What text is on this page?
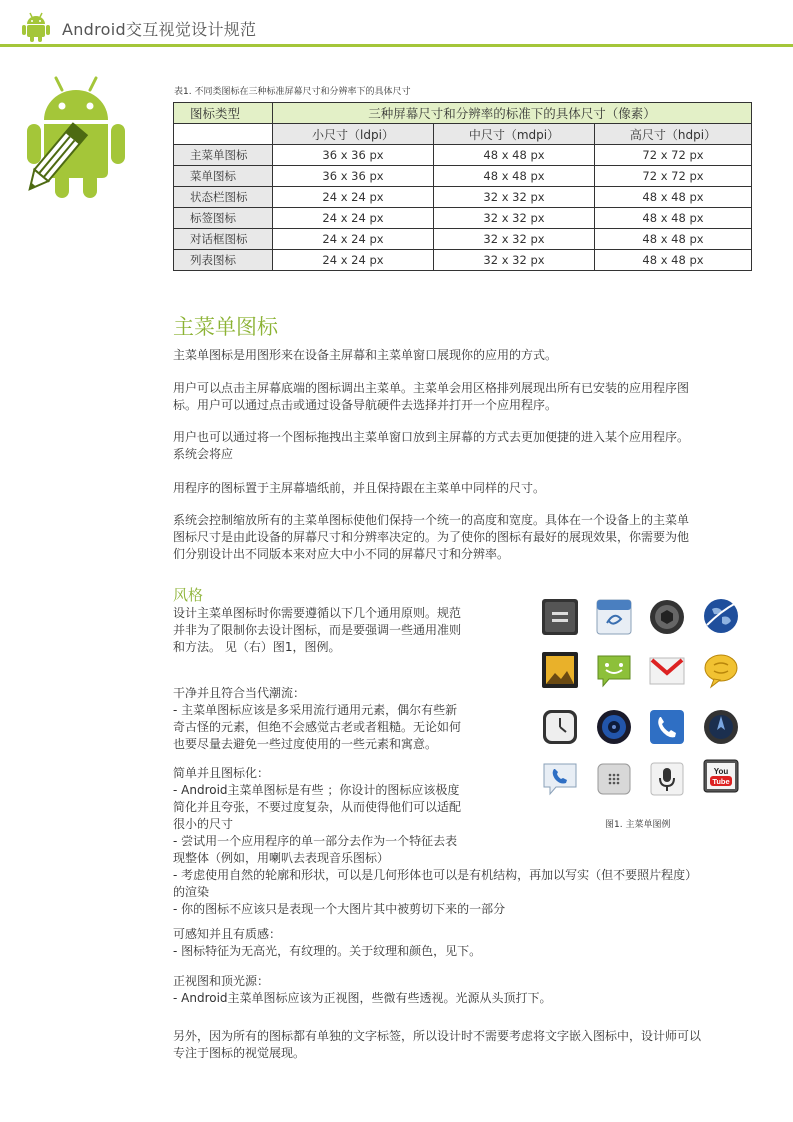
Android交互视觉设计规范
表1. 不同类图标在三种标准屏幕尺寸和分辨率下的具体尺寸
图标类型	三种屏幕尺寸和分辨率的标准下的具体尺寸（像素）		
	小尺寸（ldpi）	中尺寸（mdpi）	高尺寸（hdpi）
主菜单图标	36 x 36 px	48 x 48 px	72 x 72 px
菜单图标	36 x 36 px	48 x 48 px	72 x 72 px
状态栏图标	24 x 24 px	32 x 32 px	48 x 48 px
标签图标	24 x 24 px	32 x 32 px	48 x 48 px
对话框图标	24 x 24 px	32 x 32 px	48 x 48 px
列表图标	24 x 24 px	32 x 32 px	48 x 48 px
主菜单图标
主菜单图标是用图形来在设备主屏幕和主菜单窗口展现你的应用的方式。
用户可以点击主屏幕底端的图标调出主菜单。主菜单会用区格排列展现出所有已安装的应用程序图
标。用户可以通过点击或通过设备导航硬件去选择并打开一个应用程序。
用户也可以通过将一个图标拖拽出主菜单窗口放到主屏幕的方式去更加便捷的进入某个应用程序。
系统会将应
用程序的图标置于主屏幕墙纸前，并且保持跟在主菜单中同样的尺寸。
系统会控制缩放所有的主菜单图标使他们保持一个统一的高度和宽度。具体在一个设备上的主菜单
图标尺寸是由此设备的屏幕尺寸和分辨率决定的。为了使你的图标有最好的展现效果，你需要为他
们分别设计出不同版本来对应大中小不同的屏幕尺寸和分辨率。
风格
设计主菜单图标时你需要遵循以下几个通用原则。规范
并非为了限制你去设计图标，而是要强调一些通用准则
和方法。 见（右）图1，图例。
干净并且符合当代潮流：
- 主菜单图标应该是多采用流行通用元素，偶尔有些新
奇古怪的元素，但绝不会感觉古老或者粗糙。无论如何
也要尽量去避免一些过度使用的一些元素和寓意。
简单并且图标化：
- Android主菜单图标是有些 ；你设计的图标应该极度
简化并且夸张，不要过度复杂，从而使得他们可以适配
很小的尺寸
- 尝试用一个应用程序的单一部分去作为一个特征去表
现整体（例如，用喇叭去表现音乐图标）
- 考虑使用自然的轮廓和形状，可以是几何形体也可以是有机结构，再加以写实（但不要照片程度）
的渲染
- 你的图标不应该只是表现一个大图片其中被剪切下来的一部分
可感知并且有质感：
- 图标特征为无高光，有纹理的。关于纹理和颜色，见下。
正视图和顶光源：
- Android主菜单图标应该为正视图，些微有些透视。光源从头顶打下。
另外，因为所有的图标都有单独的文字标签，所以设计时不需要考虑将文字嵌入图标中，设计师可以
专注于图标的视觉展现。
You
Tube
图1. 主菜单图例
